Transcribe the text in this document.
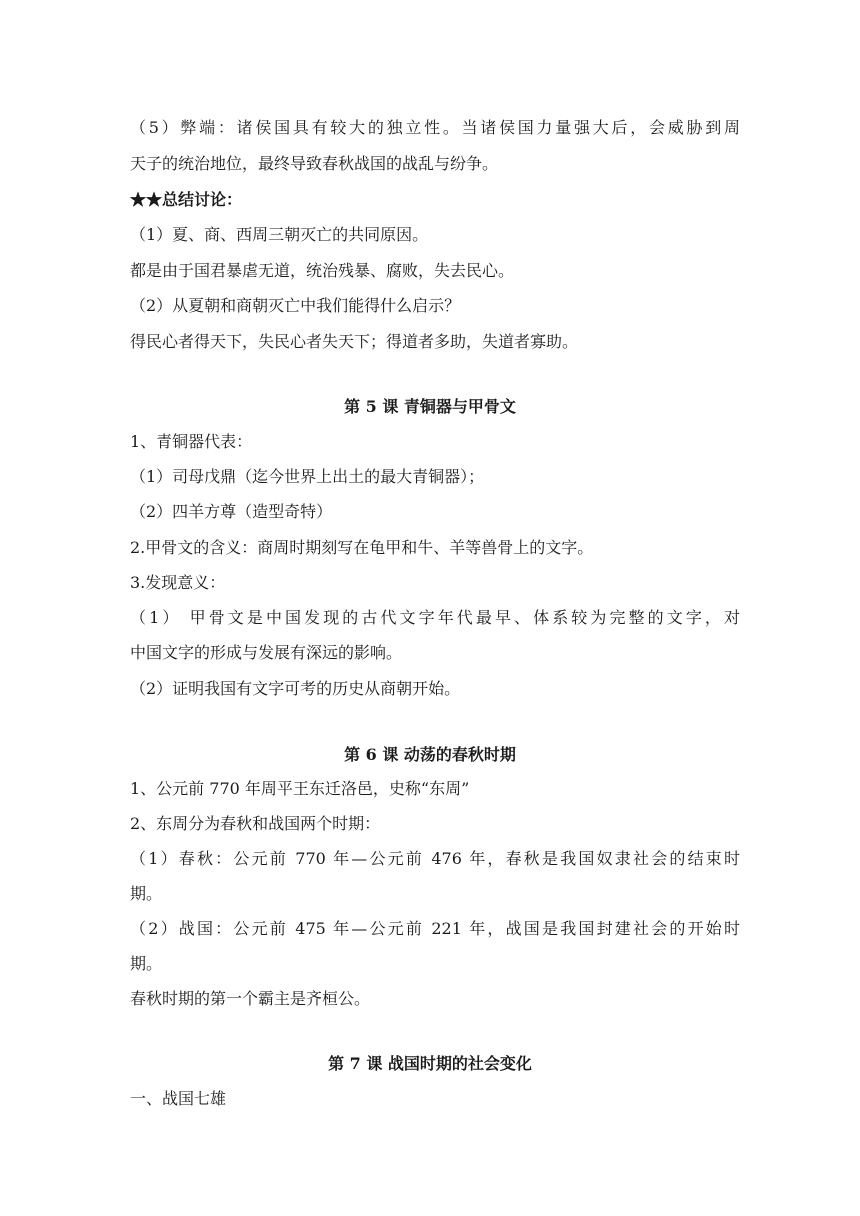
（5）弊端：诸侯国具有较大的独立性。当诸侯国力量强大后，会威胁到周
天子的统治地位，最终导致春秋战国的战乱与纷争。
★★总结讨论：
（1）夏、商、西周三朝灭亡的共同原因。
都是由于国君暴虐无道，统治残暴、腐败，失去民心。
（2）从夏朝和商朝灭亡中我们能得什么启示？
得民心者得天下，失民心者失天下；得道者多助，失道者寡助。
第 5 课 青铜器与甲骨文
1、青铜器代表：
（1）司母戊鼎（迄今世界上出土的最大青铜器）；
（2）四羊方尊（造型奇特）
2.甲骨文的含义：商周时期刻写在龟甲和牛、羊等兽骨上的文字。
3.发现意义：
（1） 甲骨文是中国发现的古代文字年代最早、体系较为完整的文字，对
中国文字的形成与发展有深远的影响。
（2）证明我国有文字可考的历史从商朝开始。
第 6 课 动荡的春秋时期
1、公元前 770 年周平王东迁洛邑，史称“东周”
2、东周分为春秋和战国两个时期：
（1）春秋：公元前 770 年—公元前 476 年，春秋是我国奴隶社会的结束时
期。
（2）战国：公元前 475 年—公元前 221 年，战国是我国封建社会的开始时
期。
春秋时期的第一个霸主是齐桓公。
第 7 课 战国时期的社会变化
一、战国七雄
